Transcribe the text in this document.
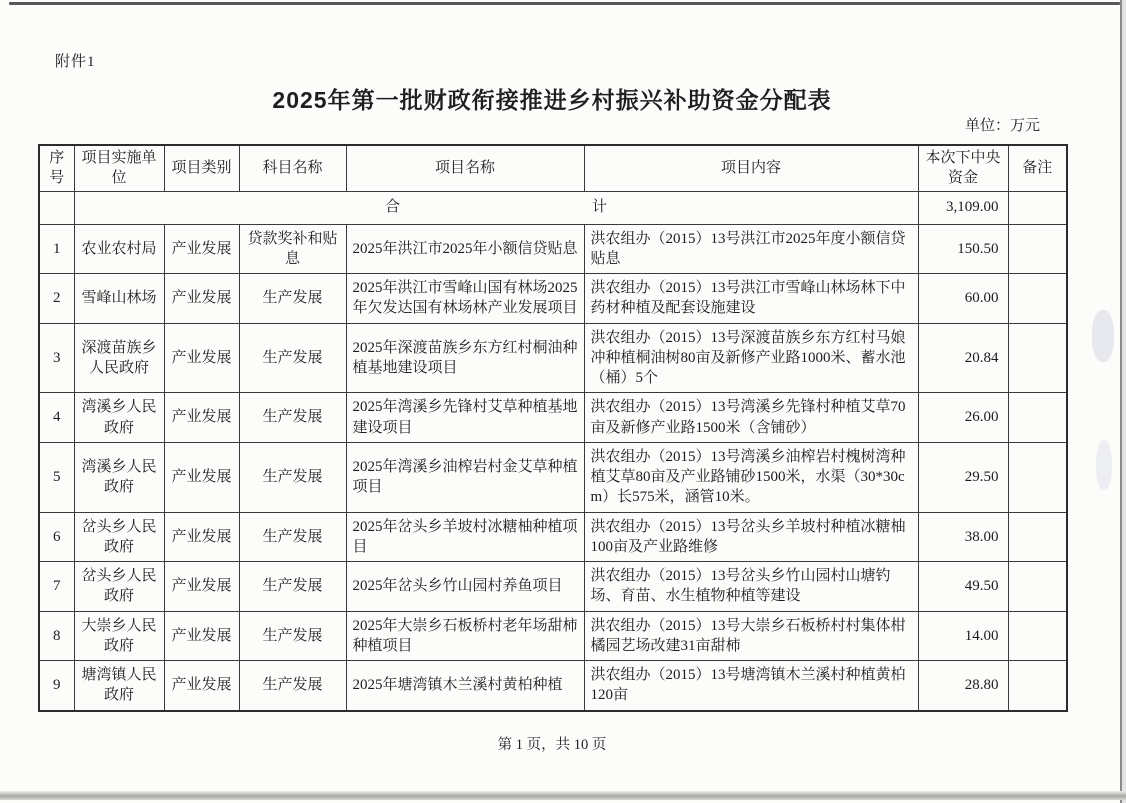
附件1
2025年第一批财政衔接推进乡村振兴补助资金分配表
单位：万元
序号	项目实施单位	项目类别	科目名称	项目名称	项目内容	本次下中央资金	备注

	合 计					3,109.00	
1	农业农村局	产业发展	贷款奖补和贴息	2025年洪江市2025年小额信贷贴息	洪农组办（2015）13号洪江市2025年度小额信贷贴息	150.50	
2	雪峰山林场	产业发展	生产发展	2025年洪江市雪峰山国有林场2025年欠发达国有林场林产业发展项目	洪农组办（2015）13号洪江市雪峰山林场林下中药材种植及配套设施建设	60.00	
3	深渡苗族乡人民政府	产业发展	生产发展	2025年深渡苗族乡东方红村桐油种植基地建设项目	洪农组办（2015）13号深渡苗族乡东方红村马娘冲种植桐油树80亩及新修产业路1000米、蓄水池（桶）5个	20.84	
4	湾溪乡人民政府	产业发展	生产发展	2025年湾溪乡先锋村艾草种植基地建设项目	洪农组办（2015）13号湾溪乡先锋村种植艾草70亩及新修产业路1500米（含铺砂）	26.00	
5	湾溪乡人民政府	产业发展	生产发展	2025年湾溪乡油榨岩村金艾草种植项目	洪农组办（2015）13号湾溪乡油榨岩村槐树湾种植艾草80亩及产业路铺砂1500米，水渠（30*30cm）长575米，涵管10米。	29.50	
6	岔头乡人民政府	产业发展	生产发展	2025年岔头乡羊坡村冰糖柚种植项目	洪农组办（2015）13号岔头乡羊坡村种植冰糖柚100亩及产业路维修	38.00	
7	岔头乡人民政府	产业发展	生产发展	2025年岔头乡竹山园村养鱼项目	洪农组办（2015）13号岔头乡竹山园村山塘钓场、育苗、水生植物种植等建设	49.50	
8	大崇乡人民政府	产业发展	生产发展	2025年大崇乡石板桥村老年场甜柿种植项目	洪农组办（2015）13号大崇乡石板桥村村集体柑橘园艺场改建31亩甜柿	14.00	
9	塘湾镇人民政府	产业发展	生产发展	2025年塘湾镇木兰溪村黄柏种植	洪农组办（2015）13号塘湾镇木兰溪村种植黄柏120亩	28.80	
第 1 页，共 10 页
